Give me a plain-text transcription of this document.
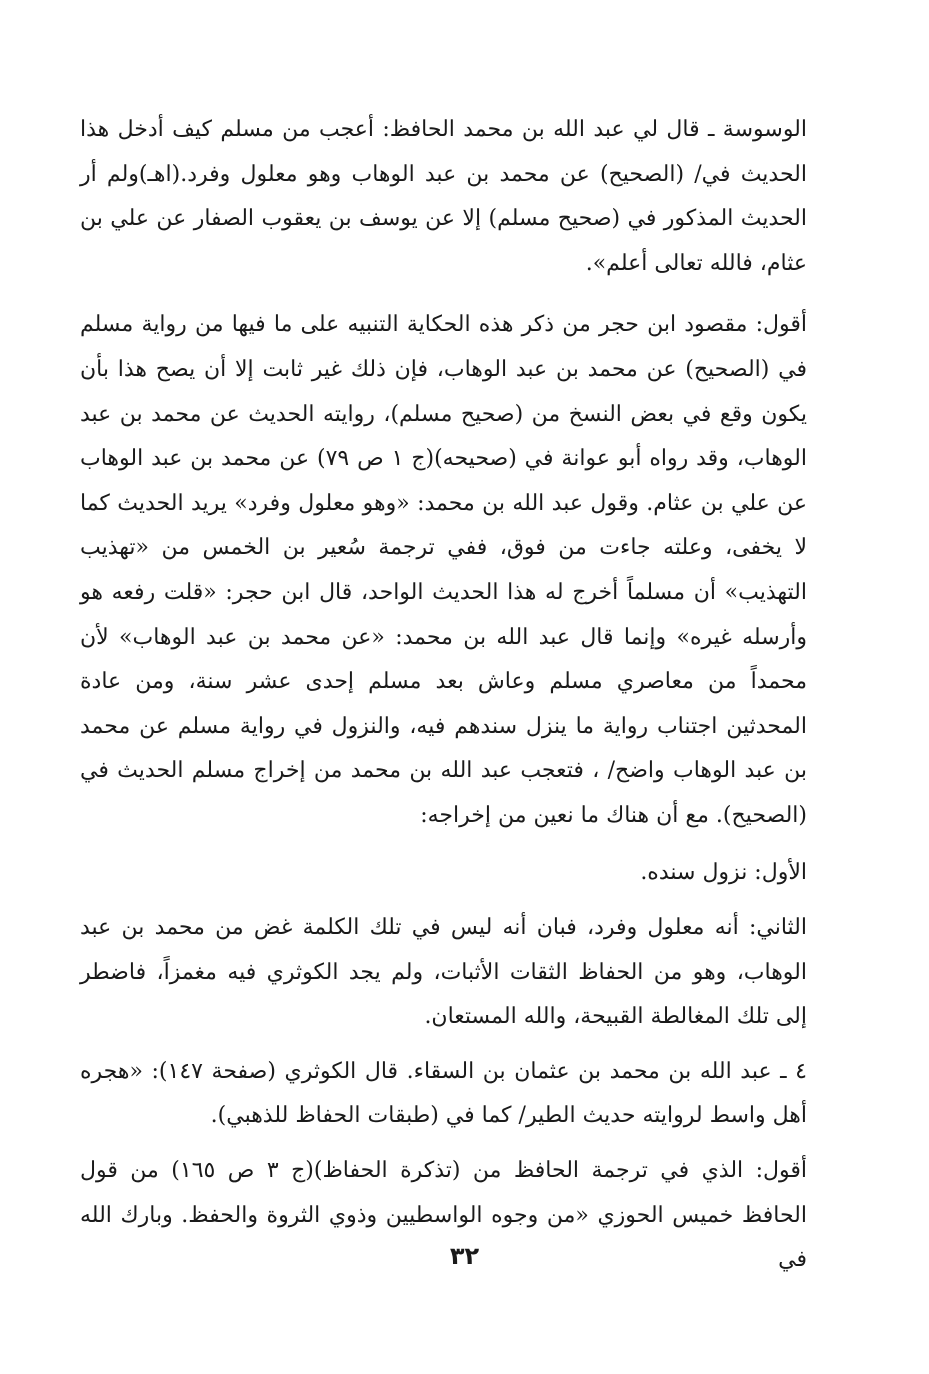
الوسوسة ـ قال لي عبد الله بن محمد الحافظ: أعجب من مسلم كيف أدخل هذا الحديث في/ (الصحيح) عن محمد بن عبد الوهاب وهو معلول وفرد.(اهـ)ولم أر الحديث المذكور في (صحيح مسلم) إلا عن يوسف بن يعقوب الصفار عن علي بن عثام، فالله تعالى أعلم».

أقول: مقصود ابن حجر من ذكر هذه الحكاية التنبيه على ما فيها من رواية مسلم في (الصحيح) عن محمد بن عبد الوهاب، فإن ذلك غير ثابت إلا أن يصح هذا بأن يكون وقع في بعض النسخ من (صحيح مسلم)، روايته الحديث عن محمد بن عبد الوهاب، وقد رواه أبو عوانة في (صحيحه)(ج ١ ص ٧٩) عن محمد بن عبد الوهاب عن علي بن عثام. وقول عبد الله بن محمد: «وهو معلول وفرد» يريد الحديث كما لا يخفى، وعلته جاءت من فوق، ففي ترجمة سُعير بن الخمس من «تهذيب التهذيب» أن مسلماً أخرج له هذا الحديث الواحد، قال ابن حجر: «قلت رفعه هو وأرسله غيره» وإنما قال عبد الله بن محمد: «عن محمد بن عبد الوهاب» لأن محمداً من معاصري مسلم وعاش بعد مسلم إحدى عشر سنة، ومن عادة المحدثين اجتناب رواية ما ينزل سندهم فيه، والنزول في رواية مسلم عن محمد بن عبد الوهاب واضح/ ، فتعجب عبد الله بن محمد من إخراج مسلم الحديث في (الصحيح). مع أن هناك ما نعين من إخراجه:

الأول: نزول سنده.

الثاني: أنه معلول وفرد، فبان أنه ليس في تلك الكلمة غض من محمد بن عبد الوهاب، وهو من الحفاظ الثقات الأثبات، ولم يجد الكوثري فيه مغمزاً، فاضطر إلى تلك المغالطة القبيحة، والله المستعان.

٤ ـ عبد الله بن محمد بن عثمان بن السقاء. قال الكوثري (صفحة ١٤٧): «هجره أهل واسط لروايته حديث الطير/ كما في (طبقات الحفاظ للذهبي).

أقول: الذي في ترجمة الحافظ من (تذكرة الحفاظ)(ج ٣ ص ١٦٥) من قول الحافظ خميس الحوزي «من وجوه الواسطيين وذوي الثروة والحفظ. وبارك الله في

٣٢
